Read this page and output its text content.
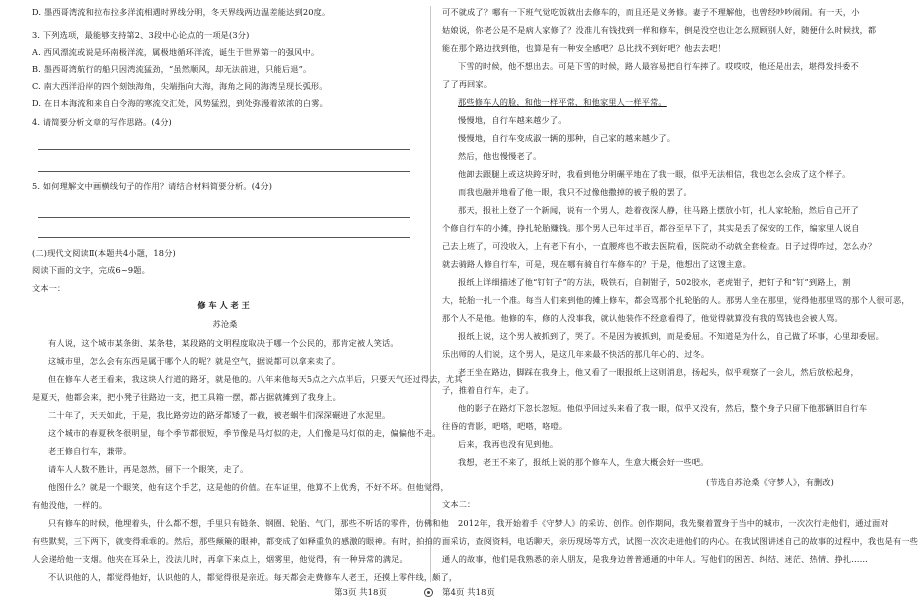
D. 墨西哥湾流和拉布拉多洋流相遇时界线分明，冬天界线两边温差能达到20度。
3. 下列选项，最能够支持第2、3段中心论点的一项是(3分)
A. 西风漂流或说是环南极洋流，属极地循环洋流，诞生于世界第一的强风中。
B. 墨西哥湾航行的船只因湾流猛劲，“虽然顺风，却无法前进，只能后退”。
C. 南大西洋沿岸的四个刻蚀海角，尖端指向大海，海角之间的海湾呈现长弧形。
D. 在日本海流和来自白令海的寒流交汇处，风势猛烈，到处弥漫着浓浓的白雾。
4. 请简要分析文章的写作思路。(4分)
5. 如何理解文中画横线句子的作用？请结合材料简要分析。(4分)
(二)现代文阅读Ⅱ(本题共4小题，18分)
阅读下面的文字，完成6~9题。
文本一：
修车人老王
苏沧桑
有人说，这个城市某条街、某条巷，某段路的文明程度取决于哪一个公民的，那肯定被人笑话。
这城市里，怎么会有东西是属于哪个人的呢？就是空气，据说都可以拿来卖了。
但在修车人老王看来，我这块人行道的路牙，就是他的。八年来他每天5点之六点半后，只要天气还过得去，尤其
是夏天，他都会来，把小凳子往路边一支，把工具箱一摆，都占据就摊到了我身上。
二十年了，天天如此，于是，我比路旁边的路牙都矮了一截，被老蜗牛们深深碾进了水泥里。
这个城市的春夏秋冬很明显，每个季节都很短，季节像是马灯似的走，人们像是马灯似的走，偏偏他不走。
老王修自行车，兼带。
请车人人数不胜计，再是忽然，留下一个眼笑，走了。
他图什么？就是一个眼笑，他有这个手艺，这是他的价值。在车证里，他算不上优秀，不好不坏。但他觉得，
有他没他，一样的。
只有修车的时候，他埋着头，什么都不想，手里只有链条、钢圈、轮胎、气门，那些不听话的零件，仿佛和他
有些默契，三下两下，就变得乖乖的。然后，那些颠簸的眼神，都变成了如释重负的感激的眼神。有时，拍拍的
人会递给他一支烟。他夹在耳朵上，没法儿时，再拿下来点上，烟雾里，他觉得，有一种异常的满足。
不认识他的人，都觉得他好，认识他的人，都觉得很是亲近。每天都会走费修车人老王，还摸上零件线，颇了，
可不就成了？哪有一下班气觉吃饭就出去修车的，而且还是义务修。妻子不理解他，也曾经吵吵闹闹。有一天，小
姑娘说，你老公是不是病人家修了？没准儿有钱找到一样和修车，倒是没空也让怎么照顾别人好，随便什么时候找，都
能在那个路边找到他，也算是有一种安全感吧？总比找不到好吧？他去去吧！
下雪的时候，他不想出去。可是下雪的时候，路人最容易把自行车摔了。哎哎哎，他还是出去，堪得发抖委不
了了再回家。
那些修车人的脸，和他一样平常，和他家里人一样平常。
慢慢地，自行车越来越少了。
慢慢地，自行车变成淑一辆的那种，自己家的越来越少了。
然后，他也慢慢老了。
他卸去跟腿上或这块跨牙时，我看到他分明碾平地在了我一眼，似乎无法相信，我也怎么会成了这个样子。
而我也融并地看了他一眼，我只不过像他撒掉的被子般的罢了。
那天，报社上登了一个新闻，说有一个男人，趁着夜深人静，往马路上摆放小钉，扎人家轮胎，然后自己开了
个修自行车的小摊，挣扎轮胎赚钱。那个男人已年过半百，都谷至早下了，其实是丢了保安的工作，编家里人说自
己去上班了，可没收入，上有老下有小，一直腰疼也不敢去医院看，医院动不动就全套检查。日子过得咋过，怎么办？
就去骑路人修自行车，可是，现在哪有骑自行车修车的？于是，他想出了这馊主意。
报纸上详细描述了他“钉钉子”的方法，吸铁石，自制钳子，502胶水，老虎钳子，把钉子和“钉”到路上，割
大，轮胎一扎一个准。每当人们来到他的摊上修车，都会骂那个扎轮胎的人。那男人坐在那里，觉得他那里骂的那个人很可恶，
那个人不是他。他修的车，修的人没事我，就认他装作不经意看得了，他觉得就算没有我的骂钱也会被人骂。
报纸上说，这个男人被抓到了，哭了。不是因为被抓到，而是委屈。不知道是为什么，自己做了坏事，心里却委屈。
乐出师的人们说，这个男人，是这几年来最不快活的那几年心的、过冬。
老王坐在路边，脚踩在我身上，他又看了一眼报纸上这则消息，扬起头，似乎观察了一会儿，然后放松起身，
子，推着自行车，走了。
他的影子在路灯下忽长忽短。他似乎回过头来看了我一眼，似乎又没有，然后，整个身子只留下他那辆旧自行车
往昏的背影，吧嗒，吧嗒，咯噔。
后来，我再也没有见到他。
我想，老王不来了，报纸上说的那个修车人，生意大概会好一些吧。
(节选自苏沧桑《守梦人》，有删改)
文本二：
2012年，我开始着手《守梦人》的采访、创作。创作期间，我先聚着置身于当中的城市，一次次行走他们，通过面对
面采访，查阅资料，电话聊天，亲历现场等方式，试图一次次走进他们的内心。在我试图讲述自己的故事的过程中，我也是有一些
通人的故事，他们是我熟悉的亲人朋友，是我身边普普通通的中年人。写他们的困苦、纠结、迷茫、热情、挣扎……
第3页 共18页	第4页 共18页
